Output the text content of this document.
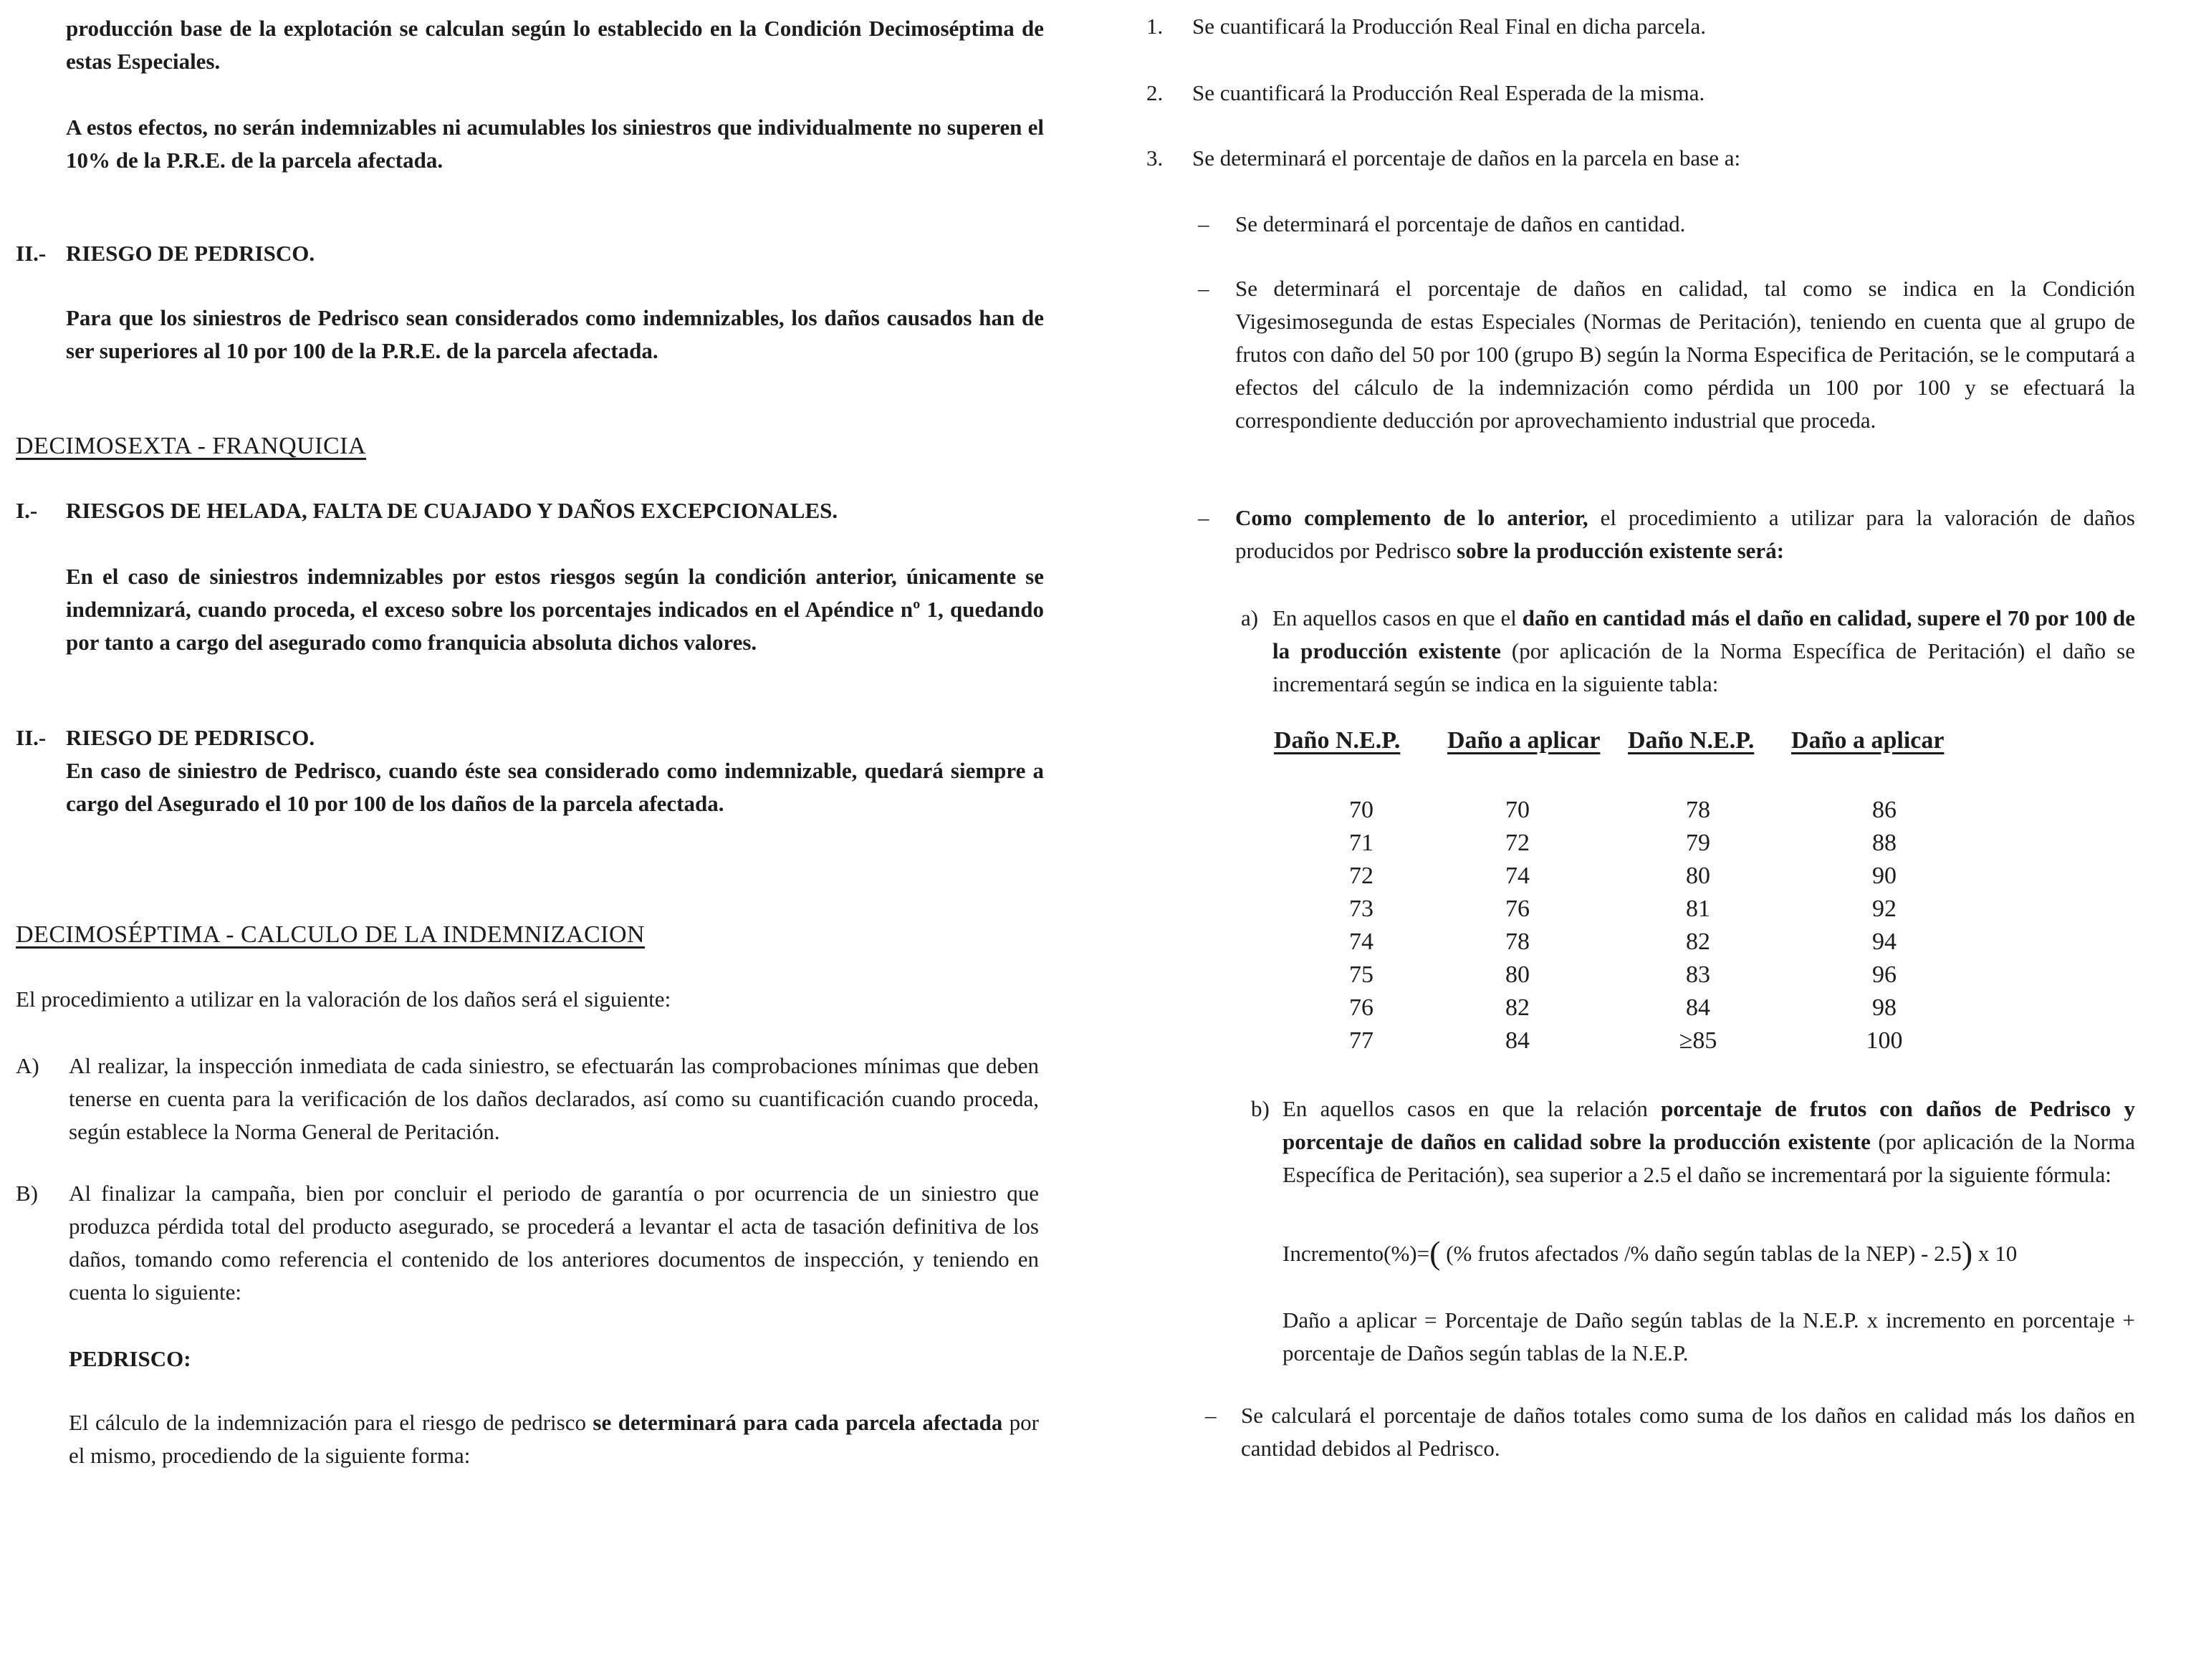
producción base de la explotación se calculan según lo establecido en la Condición Decimoséptima de estas Especiales.

A estos efectos, no serán indemnizables ni acumulables los siniestros que individualmente no superen el 10% de la P.R.E. de la parcela afectada.

II.- RIESGO DE PEDRISCO.

Para que los siniestros de Pedrisco sean considerados como indemnizables, los daños causados han de ser superiores al 10 por 100 de la P.R.E. de la parcela afectada.

DECIMOSEXTA - FRANQUICIA
I.- RIESGOS DE HELADA, FALTA DE CUAJADO Y DAÑOS EXCEPCIONALES.

En el caso de siniestros indemnizables por estos riesgos según la condición anterior, únicamente se indemnizará, cuando proceda, el exceso sobre los porcentajes indicados en el Apéndice nº 1, quedando por tanto a cargo del asegurado como franquicia absoluta dichos valores.

II.- RIESGO DE PEDRISCO.

En caso de siniestro de Pedrisco, cuando éste sea considerado como indemnizable, quedará siempre a cargo del Asegurado el 10 por 100 de los daños de la parcela afectada.

DECIMOSÉPTIMA - CALCULO DE LA INDEMNIZACION
El procedimiento a utilizar en la valoración de los daños será el siguiente:
A) Al realizar, la inspección inmediata de cada siniestro, se efectuarán las comprobaciones mínimas que deben tenerse en cuenta para la verificación de los daños declarados, así como su cuantificación cuando proceda, según establece la Norma General de Peritación.

B) Al finalizar la campaña, bien por concluir el periodo de garantía o por ocurrencia de un siniestro que produzca pérdida total del producto asegurado, se procederá a levantar el acta de tasación definitiva de los daños, tomando como referencia el contenido de los anteriores documentos de inspección, y teniendo en cuenta lo siguiente:

PEDRISCO:

El cálculo de la indemnización para el riesgo de pedrisco se determinará para cada parcela afectada por el mismo, procediendo de la siguiente forma:

1. Se cuantificará la Producción Real Final en dicha parcela.
2. Se cuantificará la Producción Real Esperada de la misma.
3. Se determinará el porcentaje de daños en la parcela en base a:
– Se determinará el porcentaje de daños en cantidad.
– Se determinará el porcentaje de daños en calidad, tal como se indica en la Condición Vigesimosegunda de estas Especiales (Normas de Peritación), teniendo en cuenta que al grupo de frutos con daño del 50 por 100 (grupo B) según la Norma Especifica de Peritación, se le computará a efectos del cálculo de la indemnización como pérdida un 100 por 100 y se efectuará la correspondiente deducción por aprovechamiento industrial que proceda.

– Como complemento de lo anterior, el procedimiento a utilizar para la valoración de daños producidos por Pedrisco sobre la producción existente será:

a) En aquellos casos en que el daño en cantidad más el daño en calidad, supere el 70 por 100 de la producción existente (por aplicación de la Norma Específica de Peritación) el daño se incrementará según se indica en la siguiente tabla:

Daño N.E.P. Daño a aplicar Daño N.E.P. Daño a aplicar
70
71
72
73
74
75
76
77
70
72
74
76
78
80
82
84
78
79
80
81
82
83
84
≥85
86
88
90
92
94
96
98
100
b) En aquellos casos en que la relación porcentaje de frutos con daños de Pedrisco y porcentaje de daños en calidad sobre la producción existente (por aplicación de la Norma Específica de Peritación), sea superior a 2.5 el daño se incrementará por la siguiente fórmula:

Incremento(%)=( (% frutos afectados /% daño según tablas de la NEP) - 2.5) x 10

Daño a aplicar = Porcentaje de Daño según tablas de la N.E.P. x incremento en porcentaje + porcentaje de Daños según tablas de la N.E.P.

– Se calculará el porcentaje de daños totales como suma de los daños en calidad más los daños en cantidad debidos al Pedrisco.
